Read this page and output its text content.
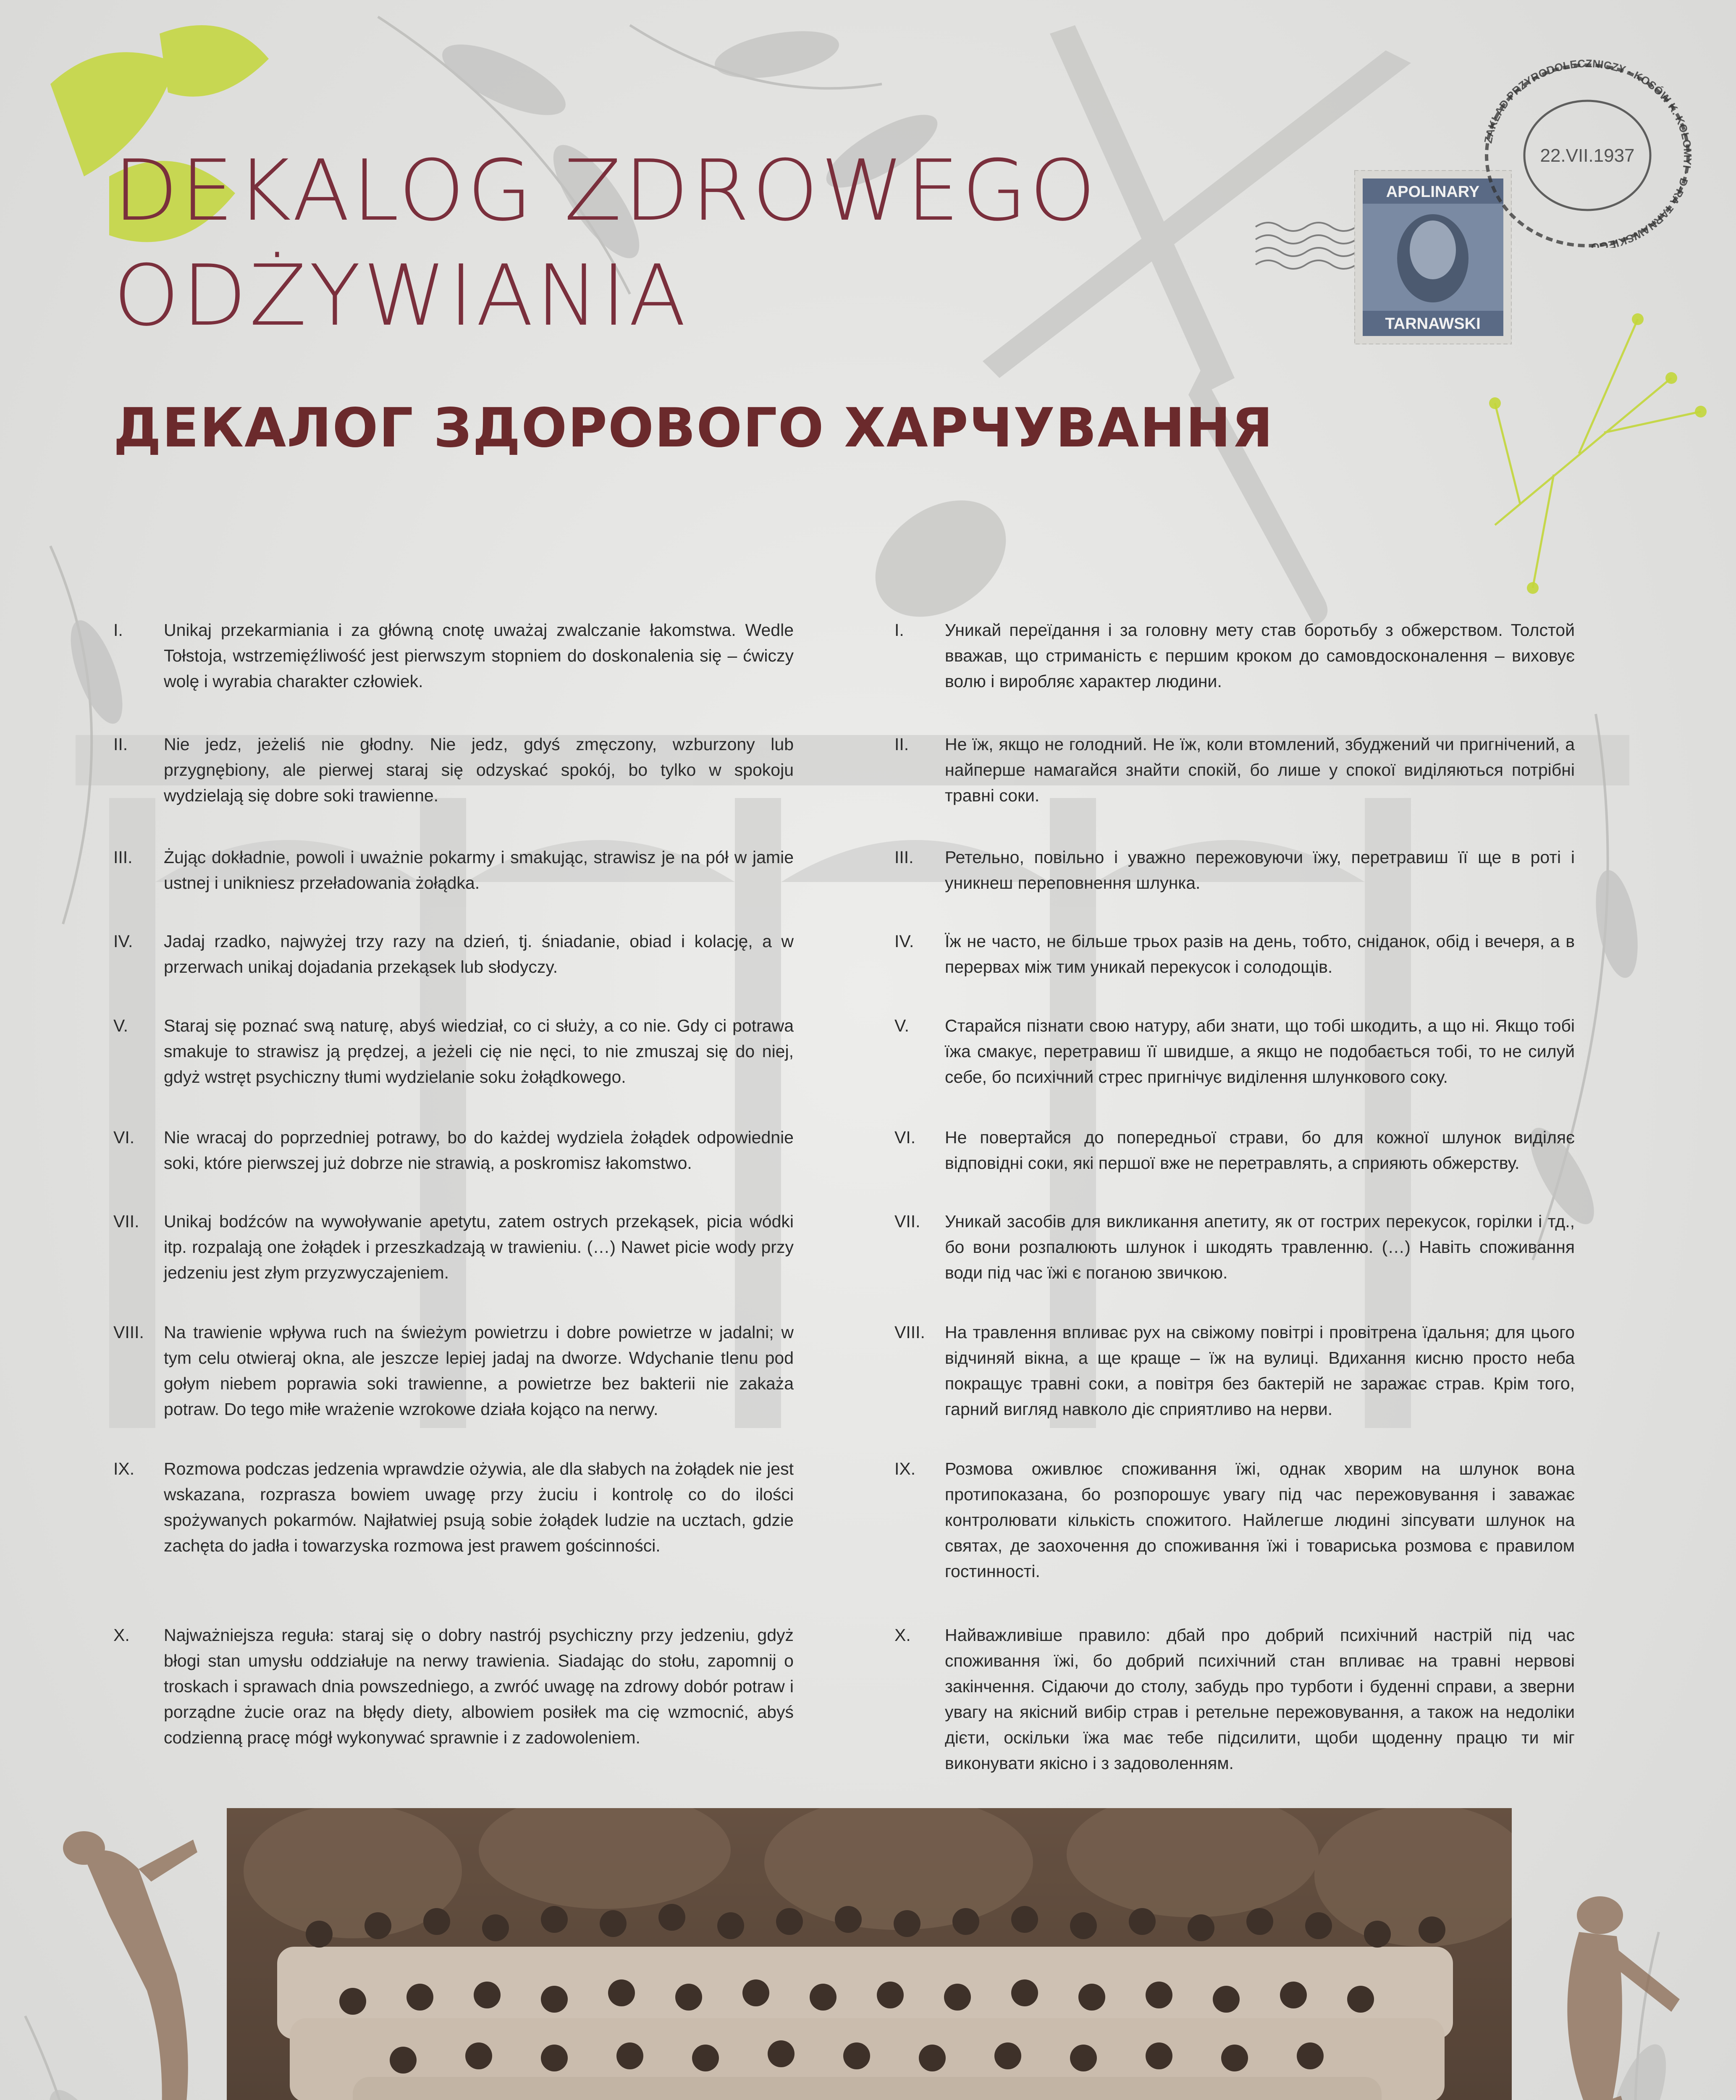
DEKALOG ZDROWEGO
ODŻYWIANIA
ДЕКАЛОГ ЗДОРОВОГО ХАРЧУВАННЯ
APOLINARY
TARNAWSKI
ZAKŁAD PRZYRODOLECZNICZY · KOSÓW K. KOŁOMYI · D-RA TARNAWSKIEGO
22.VII.1937
I.	Unikaj przekarmiania i za główną cnotę uważaj zwalczanie łakomstwa. Wedle Tołstoja, wstrzemięźliwość jest pierwszym stopniem do doskonalenia się – ćwiczy wolę i wyrabia charakter człowiek.
II.	Nie jedz, jeżeliś nie głodny. Nie jedz, gdyś zmęczony, wzburzony lub przygnębiony, ale pierwej staraj się odzyskać spokój, bo tylko w spokoju wydzielają się dobre soki trawienne.
III.	Żując dokładnie, powoli i uważnie pokarmy i smakując, strawisz je na pół w jamie ustnej i unikniesz przeładowania żołądka.
IV.	Jadaj rzadko, najwyżej trzy razy na dzień, tj. śniadanie, obiad i kolację, a w przerwach unikaj dojadania przekąsek lub słodyczy.
V.	Staraj się poznać swą naturę, abyś wiedział, co ci służy, a co nie. Gdy ci potrawa smakuje to strawisz ją prędzej, a jeżeli cię nie nęci, to nie zmuszaj się do niej, gdyż wstręt psychiczny tłumi wydzielanie soku żołądkowego.
VI.	Nie wracaj do poprzedniej potrawy, bo do każdej wydziela żołądek odpowiednie soki, które pierwszej już dobrze nie strawią, a poskromisz łakomstwo.
VII.	Unikaj bodźców na wywoływanie apetytu, zatem ostrych przekąsek, picia wódki itp. rozpalają one żołądek i przeszkadzają w trawieniu. (…) Nawet picie wody przy jedzeniu jest złym przyzwyczajeniem.
VIII.	Na trawienie wpływa ruch na świeżym powietrzu i dobre powietrze w jadalni; w tym celu otwieraj okna, ale jeszcze lepiej jadaj na dworze. Wdychanie tlenu pod gołym niebem poprawia soki trawienne, a powietrze bez bakterii nie zakaża potraw. Do tego miłe wrażenie wzrokowe działa kojąco na nerwy.
IX.	Rozmowa podczas jedzenia wprawdzie ożywia, ale dla słabych na żołądek nie jest wskazana, rozprasza bowiem uwagę przy żuciu i kontrolę co do ilości spożywanych pokarmów. Najłatwiej psują sobie żołądek ludzie na ucztach, gdzie zachęta do jadła i towarzyska rozmowa jest prawem gościnności.
X.	Najważniejsza reguła: staraj się o dobry nastrój psychiczny przy jedzeniu, gdyż błogi stan umysłu oddziałuje na nerwy trawienia. Siadając do stołu, zapomnij o troskach i sprawach dnia powszedniego, a zwróć uwagę na zdrowy dobór potraw i porządne żucie oraz na błędy diety, albowiem posiłek ma cię wzmocnić, abyś codzienną pracę mógł wykonywać sprawnie i z zadowoleniem.
I.	Уникай переїдання і за головну мету став боротьбу з обжерством. Толстой вважав, що стриманість є першим кроком до самовдосконалення – виховує волю і виробляє характер людини.
II.	Не їж, якщо не голодний. Не їж, коли втомлений, збуджений чи пригнічений, а найперше намагайся знайти спокій, бо лише у спокої виділяються потрібні травні соки.
III.	Ретельно, повільно і уважно пережовуючи їжу, перетравиш її ще в роті і уникнеш переповнення шлунка.
IV.	Їж не часто, не більше трьох разів на день, тобто, сніданок, обід і вечеря, а в перервах між тим уникай перекусок і солодощів.
V.	Старайся пізнати свою натуру, аби знати, що тобі шкодить, а що ні. Якщо тобі їжа смакує, перетравиш її швидше, а якщо не подобається тобі, то не силуй себе, бо психічний стрес пригнічує виділення шлункового соку.
VI.	Не повертайся до попередньої страви, бо для кожної шлунок виділяє відповідні соки, які першої вже не перетравлять, а сприяють обжерству.
VII.	Уникай засобів для викликання апетиту, як от гострих перекусок, горілки і тд., бо вони розпалюють шлунок і шкодять травленню. (…) Навіть споживання води під час їжі є поганою звичкою.
VIII.	На травлення впливає рух на свіжому повітрі і провітрена їдальня; для цього відчиняй вікна, а ще краще – їж на вулиці. Вдихання кисню просто неба покращує травні соки, а повітря без бактерій не заражає страв. Крім того, гарний вигляд навколо діє сприятливо на нерви.
IX.	Розмова оживлює споживання їжі, однак хворим на шлунок вона протипоказана, бо розпорошує увагу під час пережовування і заважає контролювати кількість спожитого. Найлегше людині зіпсувати шлунок на святах, де заохочення до споживання їжі і товариська розмова є правилом гостинності.
X.	Найважливіше правило: дбай про добрий психічний настрій під час споживання їжі, бо добрий психічний стан впливає на травні нервові закінчення. Сідаючи до столу, забудь про турботи і буденні справи, а зверни увагу на якісний вибір страв і ретельне пережовування, а також на недоліки дієти, оскільки їжа має тебе підсилити, щоби щоденну працю ти міг виконувати якісно і з задоволенням.
